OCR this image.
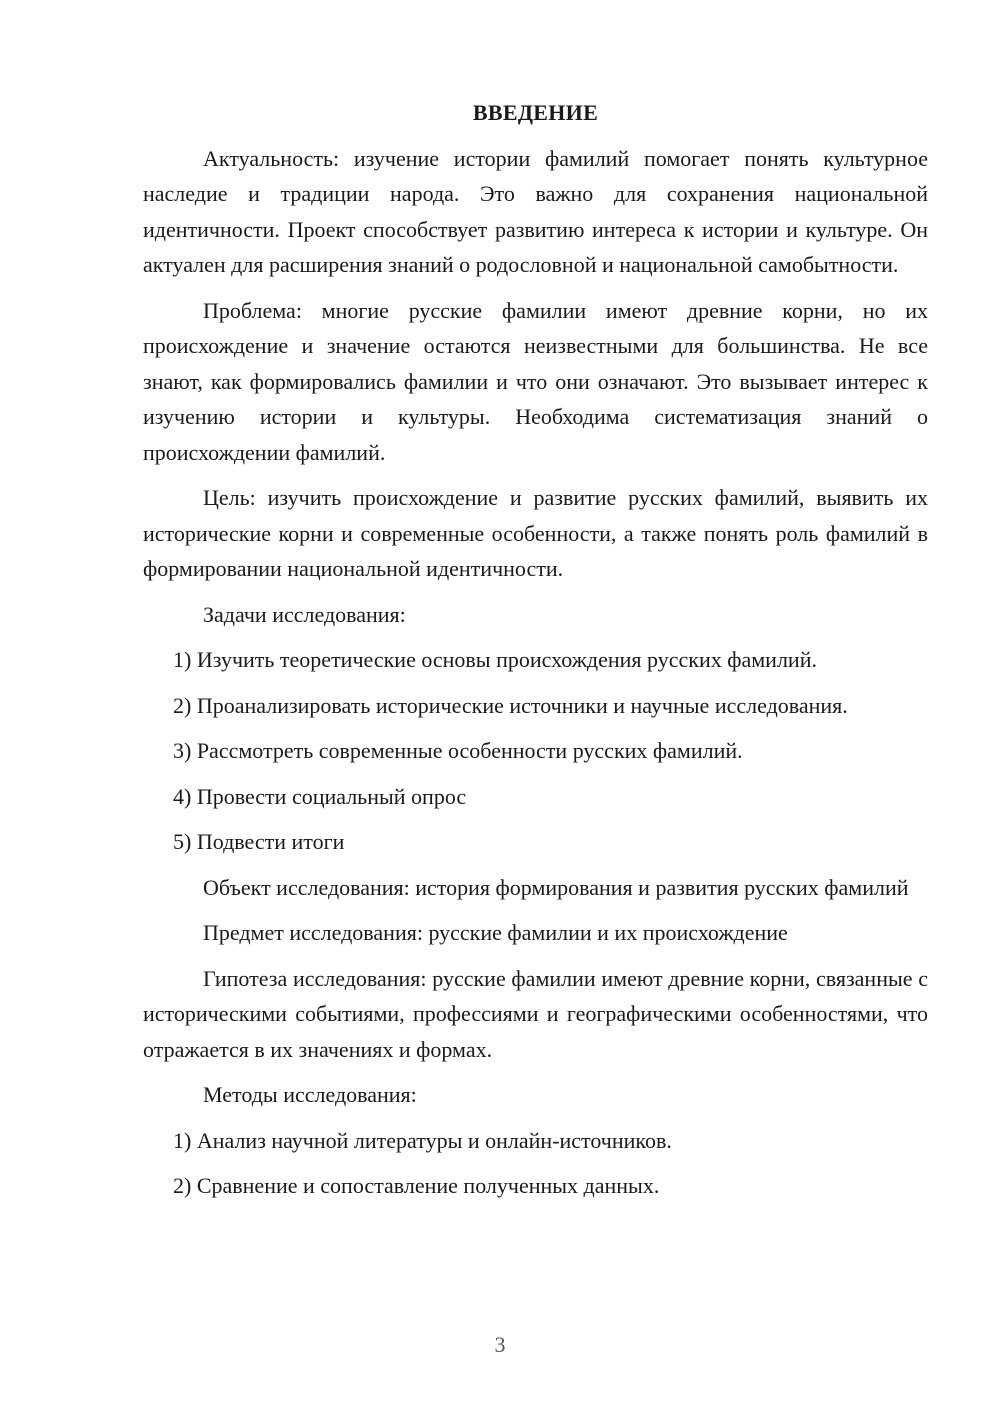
ВВЕДЕНИЕ

Актуальность: изучение истории фамилий помогает понять культурное наследие и традиции народа. Это важно для сохранения национальной идентичности. Проект способствует развитию интереса к истории и культуре. Он актуален для расширения знаний о родословной и национальной самобытности.

Проблема: многие русские фамилии имеют древние корни, но их происхождение и значение остаются неизвестными для большинства. Не все знают, как формировались фамилии и что они означают. Это вызывает интерес к изучению истории и культуры. Необходима систематизация знаний о происхождении фамилий.

Цель: изучить происхождение и развитие русских фамилий, выявить их исторические корни и современные особенности, а также понять роль фамилий в формировании национальной идентичности.

Задачи исследования:

1) Изучить теоретические основы происхождения русских фамилий.

2) Проанализировать исторические источники и научные исследования.

3) Рассмотреть современные особенности русских фамилий.

4) Провести социальный опрос

5) Подвести итоги

Объект исследования: история формирования и развития русских фамилий

Предмет исследования: русские фамилии и их происхождение

Гипотеза исследования: русские фамилии имеют древние корни, связанные с историческими событиями, профессиями и географическими особенностями, что отражается в их значениях и формах.

Методы исследования:

1) Анализ научной литературы и онлайн-источников.

2) Сравнение и сопоставление полученных данных.

3
